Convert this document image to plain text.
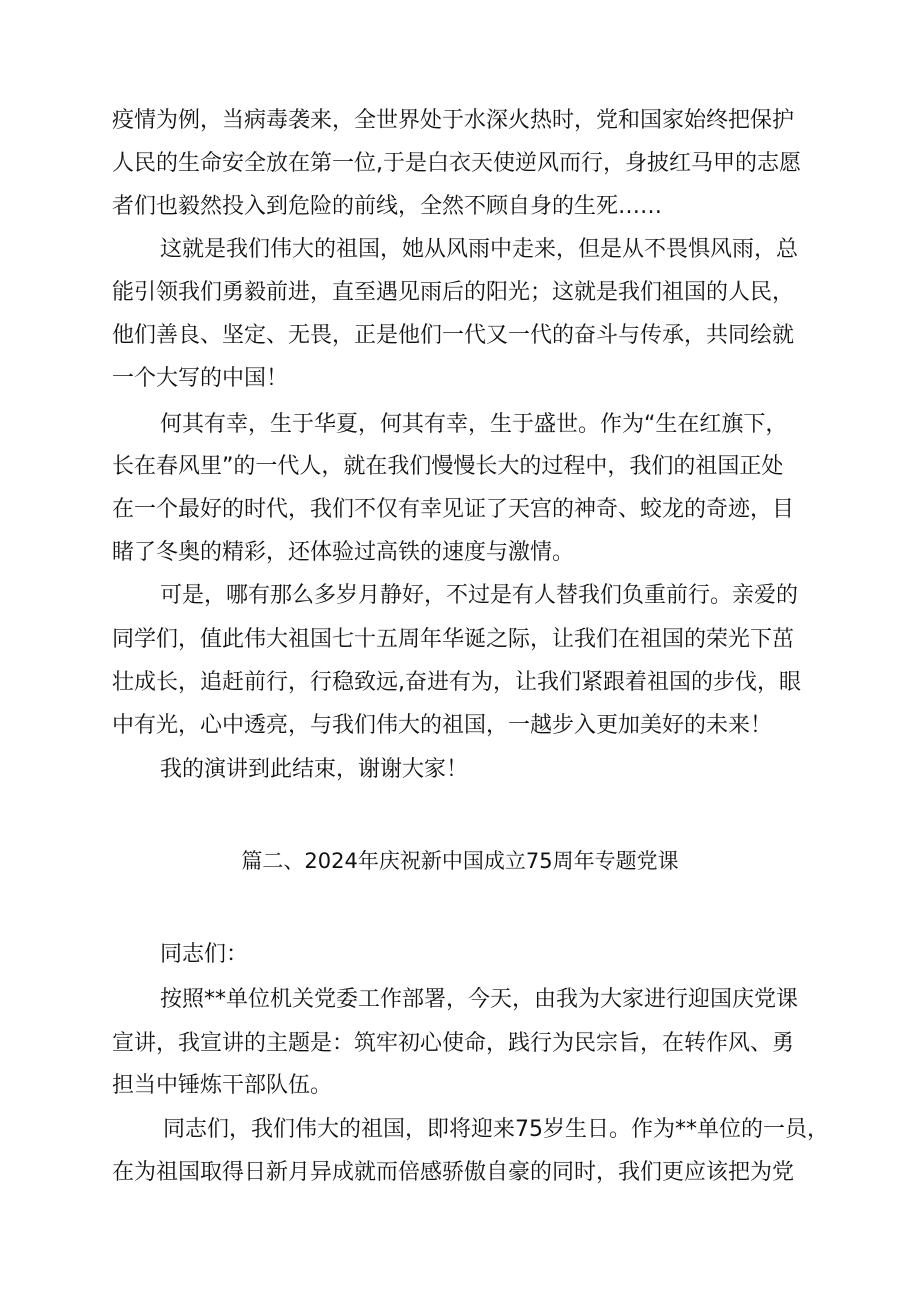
疫情为例，当病毒袭来，全世界处于水深火热时，党和国家始终把保护
人民的生命安全放在第一位,于是白衣天使逆风而行，身披红马甲的志愿
者们也毅然投入到危险的前线，全然不顾自身的生死……
这就是我们伟大的祖国，她从风雨中走来，但是从不畏惧风雨，总
能引领我们勇毅前进，直至遇见雨后的阳光；这就是我们祖国的人民，
他们善良、坚定、无畏，正是他们一代又一代的奋斗与传承，共同绘就
一个大写的中国！
何其有幸，生于华夏，何其有幸，生于盛世。作为“生在红旗下，
长在春风里”的一代人，就在我们慢慢长大的过程中，我们的祖国正处
在一个最好的时代，我们不仅有幸见证了天宫的神奇、蛟龙的奇迹，目
睹了冬奥的精彩，还体验过高铁的速度与激情。
可是，哪有那么多岁月静好，不过是有人替我们负重前行。亲爱的
同学们，值此伟大祖国七十五周年华诞之际，让我们在祖国的荣光下茁
壮成长，追赶前行，行稳致远,奋进有为，让我们紧跟着祖国的步伐，眼
中有光，心中透亮，与我们伟大的祖国，一越步入更加美好的未来！
我的演讲到此结束，谢谢大家！
篇二、2024年庆祝新中国成立75周年专题党课
同志们：
按照**单位机关党委工作部署，今天，由我为大家进行迎国庆党课
宣讲，我宣讲的主题是：筑牢初心使命，践行为民宗旨，在转作风、勇
担当中锤炼干部队伍。
同志们，我们伟大的祖国，即将迎来75岁生日。作为**单位的一员，
在为祖国取得日新月异成就而倍感骄傲自豪的同时，我们更应该把为党
